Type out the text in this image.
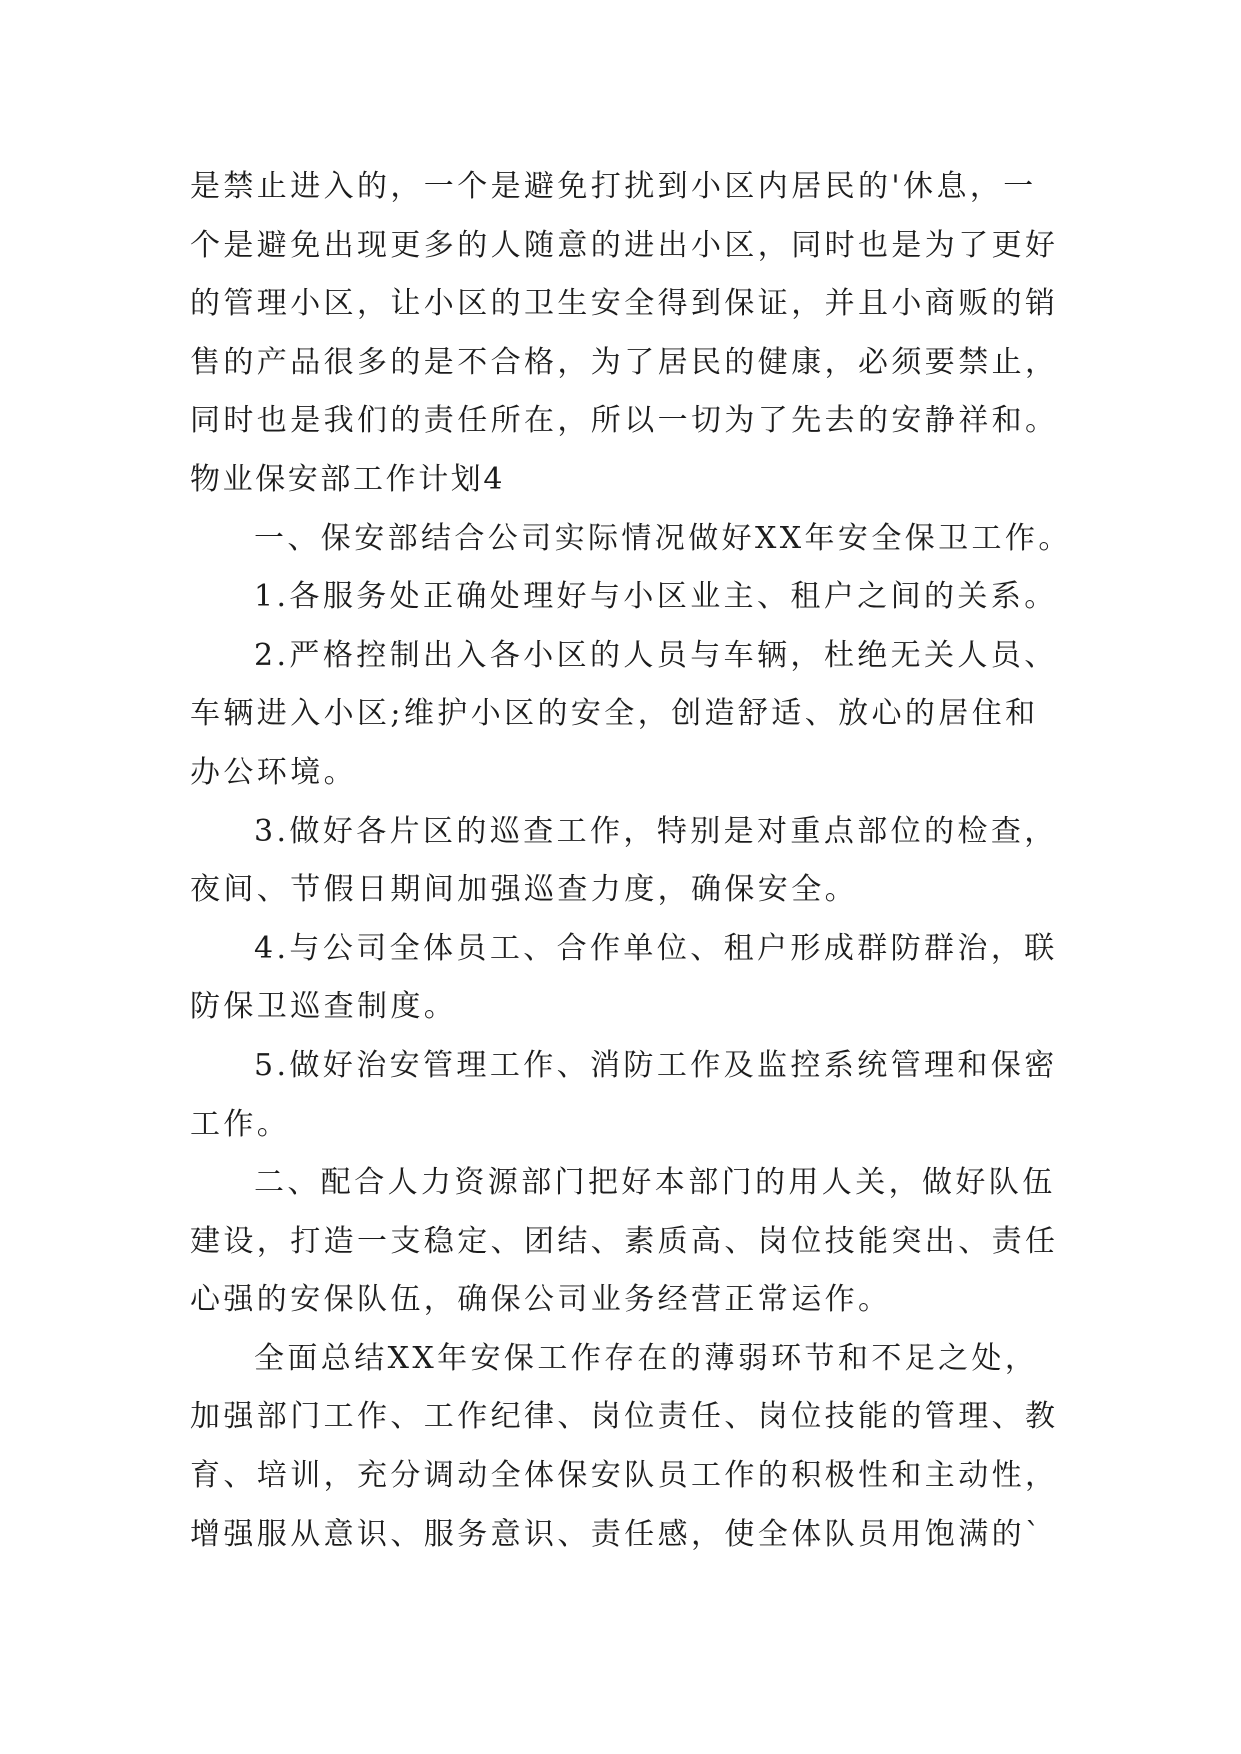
是禁止进入的，一个是避免打扰到小区内居民的'休息，一
个是避免出现更多的人随意的进出小区，同时也是为了更好
的管理小区，让小区的卫生安全得到保证，并且小商贩的销
售的产品很多的是不合格，为了居民的健康，必须要禁止，
同时也是我们的责任所在，所以一切为了先去的安静祥和。
物业保安部工作计划4
一、保安部结合公司实际情况做好XX年安全保卫工作。
1.各服务处正确处理好与小区业主、租户之间的关系。
2.严格控制出入各小区的人员与车辆，杜绝无关人员、
车辆进入小区;维护小区的安全，创造舒适、放心的居住和
办公环境。
3.做好各片区的巡查工作，特别是对重点部位的检查，
夜间、节假日期间加强巡查力度，确保安全。
4.与公司全体员工、合作单位、租户形成群防群治，联
防保卫巡查制度。
5.做好治安管理工作、消防工作及监控系统管理和保密
工作。
二、配合人力资源部门把好本部门的用人关，做好队伍
建设，打造一支稳定、团结、素质高、岗位技能突出、责任
心强的安保队伍，确保公司业务经营正常运作。
全面总结XX年安保工作存在的薄弱环节和不足之处，
加强部门工作、工作纪律、岗位责任、岗位技能的管理、教
育、培训，充分调动全体保安队员工作的积极性和主动性，
增强服从意识、服务意识、责任感，使全体队员用饱满的`
